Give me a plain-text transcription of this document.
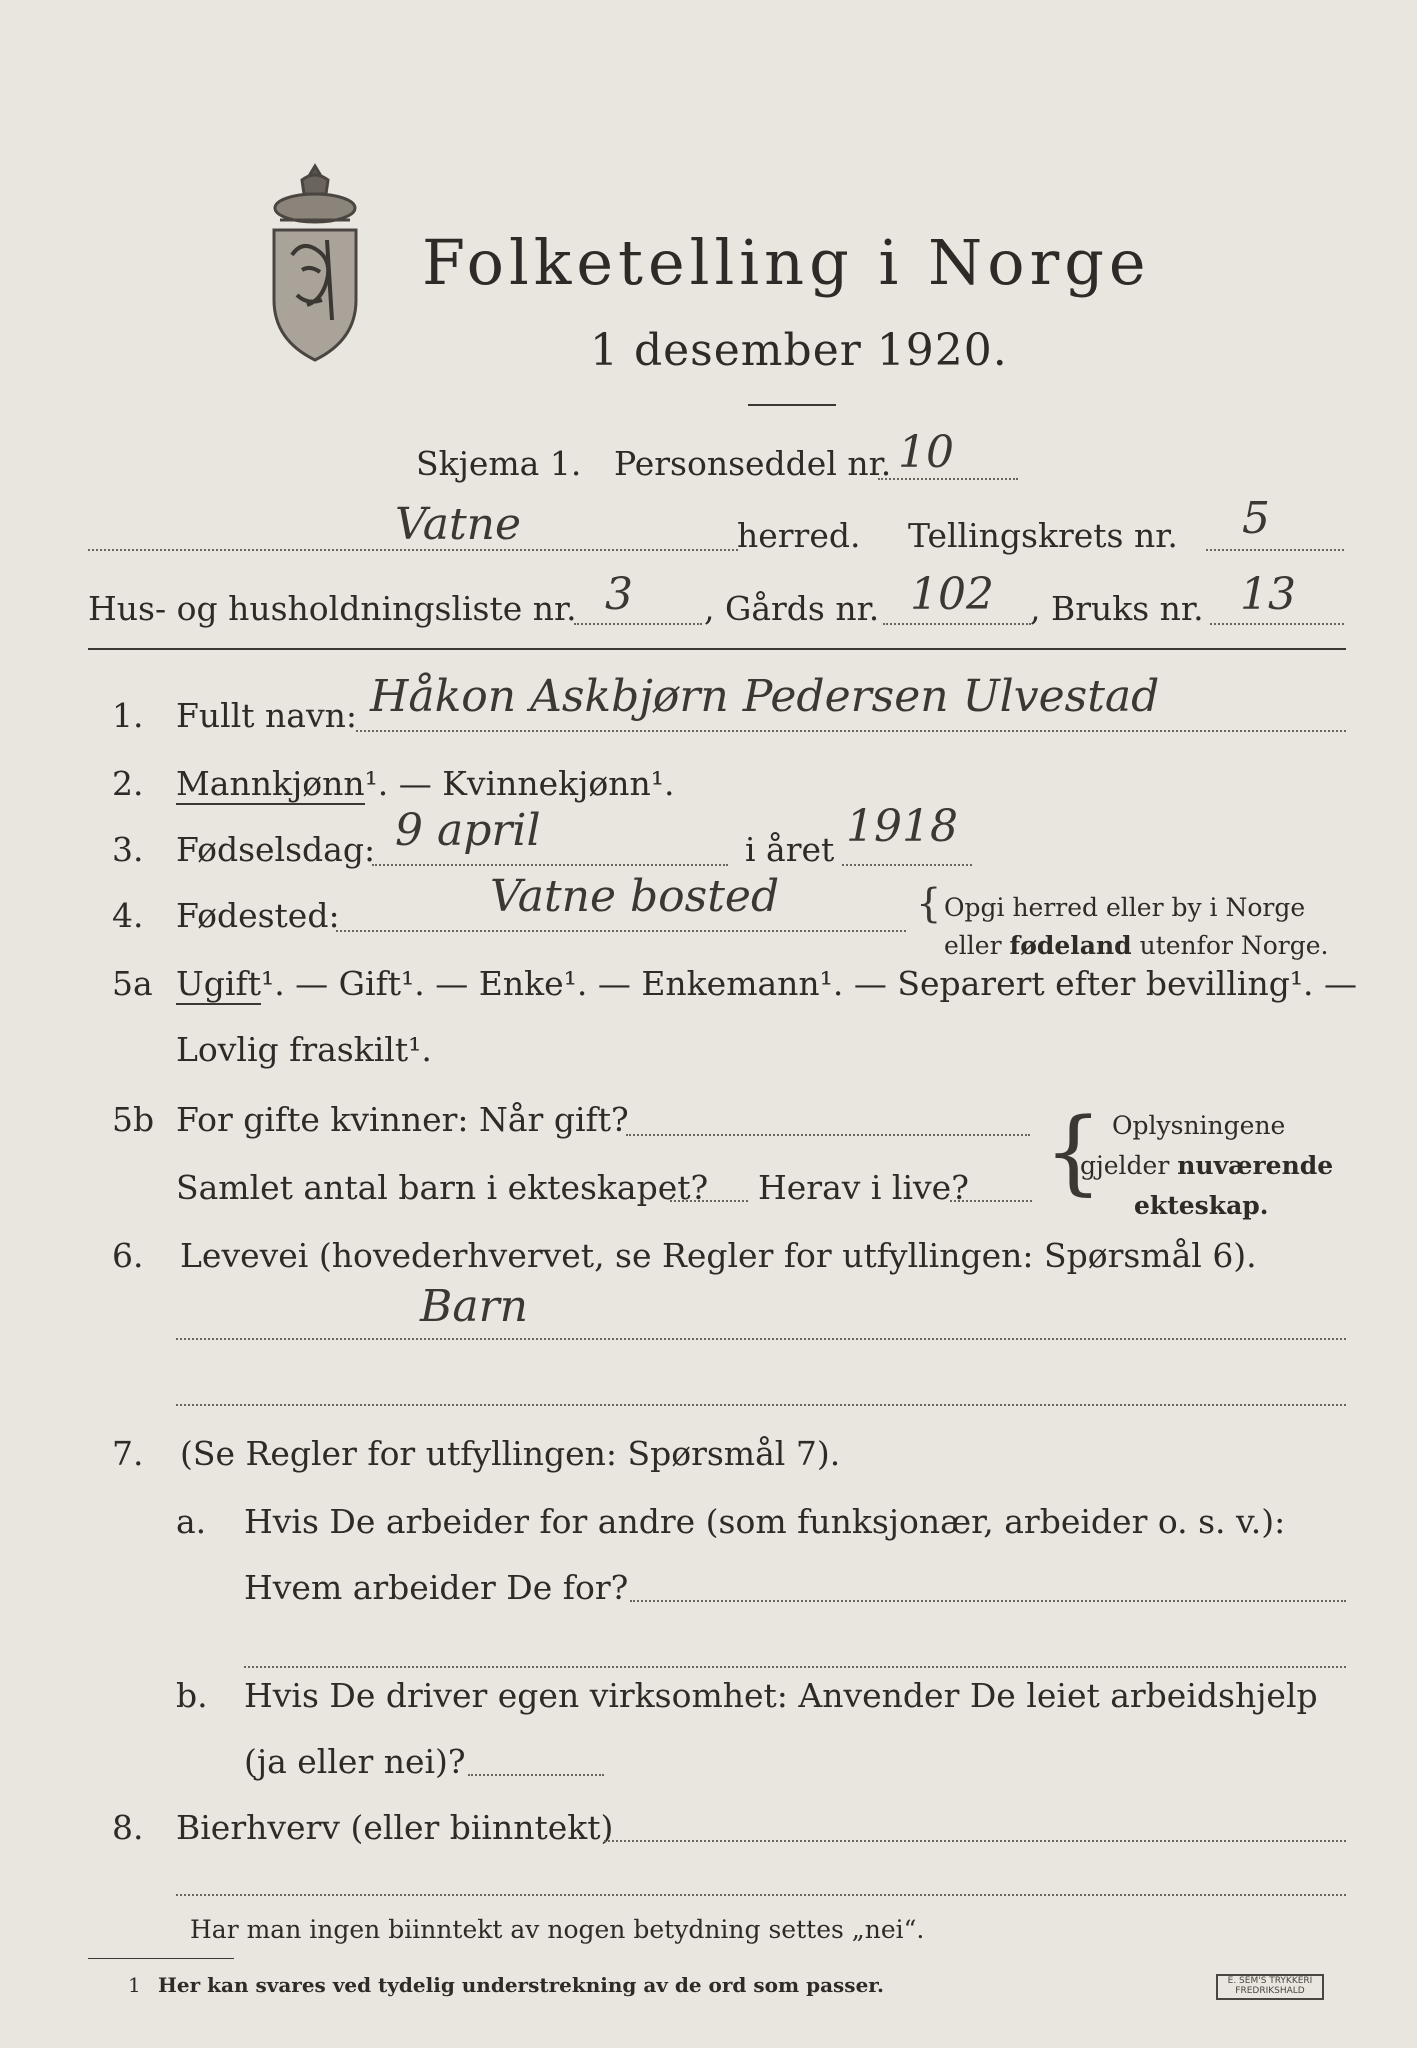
Folketelling i Norge
1 desember 1920.
Skjema 1. Personseddel nr. 10
Vatne	herred. Tellingskrets nr. 5
Hus- og husholdningsliste nr. 3 , Gårds nr. 102 , Bruks nr. 13
1. Fullt navn: Håkon Askbjørn Pedersen Ulvestad
2. Mannkjønn¹. — Kvinnekjønn¹.
3. Fødselsdag: 9 april	i året 1918
4. Fødested:	Vatne bosted	{ Opgi herred eller by i Norge
eller fødeland utenfor Norge.
5a Ugift¹. — Gift¹. — Enke¹. — Enkemann¹. — Separert efter bevilling¹. —
Lovlig fraskilt¹.
5b For gifte kvinner: Når gift?
Samlet antal barn i ekteskapet? Herav i live? { Oplysningene
gjelder nuværende
ekteskap.
6. Levevei (hovederhvervet, se Regler for utfyllingen: Spørsmål 6).
Barn
7. (Se Regler for utfyllingen: Spørsmål 7).
a. Hvis De arbeider for andre (som funksjonær, arbeider o. s. v.):
Hvem arbeider De for?
b. Hvis De driver egen virksomhet: Anvender De leiet arbeidshjelp
(ja eller nei)?
8. Bierhverv (eller biinntekt)
Har man ingen biinntekt av nogen betydning settes „nei“.
1 Her kan svares ved tydelig understrekning av de ord som passer.	E. SEM'S TRYKKERI
FREDRIKSHALD
